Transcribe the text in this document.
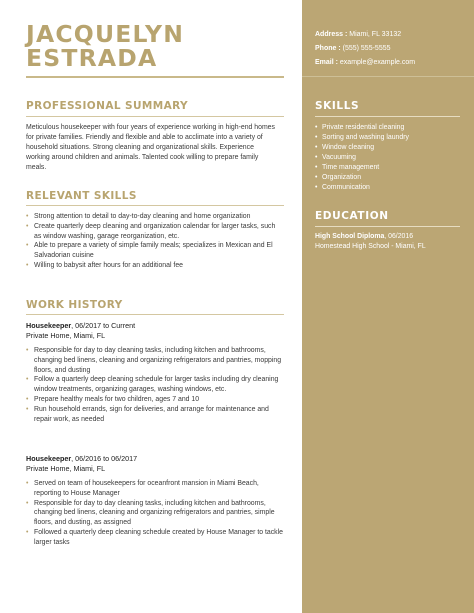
JACQUELYN
ESTRADA
Address : Miami, FL 33132
Phone : (555) 555-5555
Email : example@example.com
PROFESSIONAL SUMMARY
Meticulous housekeeper with four years of experience working in high-end homes for private families. Friendly and flexible and able to acclimate into a variety of household situations. Strong cleaning and organizational skills. Experience working around children and animals. Talented cook willing to prepare family meals.
RELEVANT SKILLS
• Strong attention to detail to day-to-day cleaning and home organization
• Create quarterly deep cleaning and organization calendar for larger tasks, such as window washing, garage reorganization, etc.
• Able to prepare a variety of simple family meals; specializes in Mexican and El Salvadorian cuisine
• Willing to babysit after hours for an additional fee
WORK HISTORY
Housekeeper, 06/2017 to Current
Private Home, Miami, FL
• Responsible for day to day cleaning tasks, including kitchen and bathrooms, changing bed linens, cleaning and organizing refrigerators and pantries, mopping floors, and dusting
• Follow a quarterly deep cleaning schedule for larger tasks including dry cleaning window treatments, organizing garages, washing windows, etc.
• Prepare healthy meals for two children, ages 7 and 10
• Run household errands, sign for deliveries, and arrange for maintenance and repair work, as needed
Housekeeper, 06/2016 to 06/2017
Private Home, Miami, FL
• Served on team of housekeepers for oceanfront mansion in Miami Beach, reporting to House Manager
• Responsible for day to day cleaning tasks, including kitchen and bathrooms, changing bed linens, cleaning and organizing refrigerators and pantries, simple floors, and dusting, as assigned
• Followed a quarterly deep cleaning schedule created by House Manager to tackle larger tasks
SKILLS
• Private residential cleaning
• Sorting and washing laundry
• Window cleaning
• Vacuuming
• Time management
• Organization
• Communication
EDUCATION
High School Diploma, 06/2016
Homestead High School - Miami, FL
